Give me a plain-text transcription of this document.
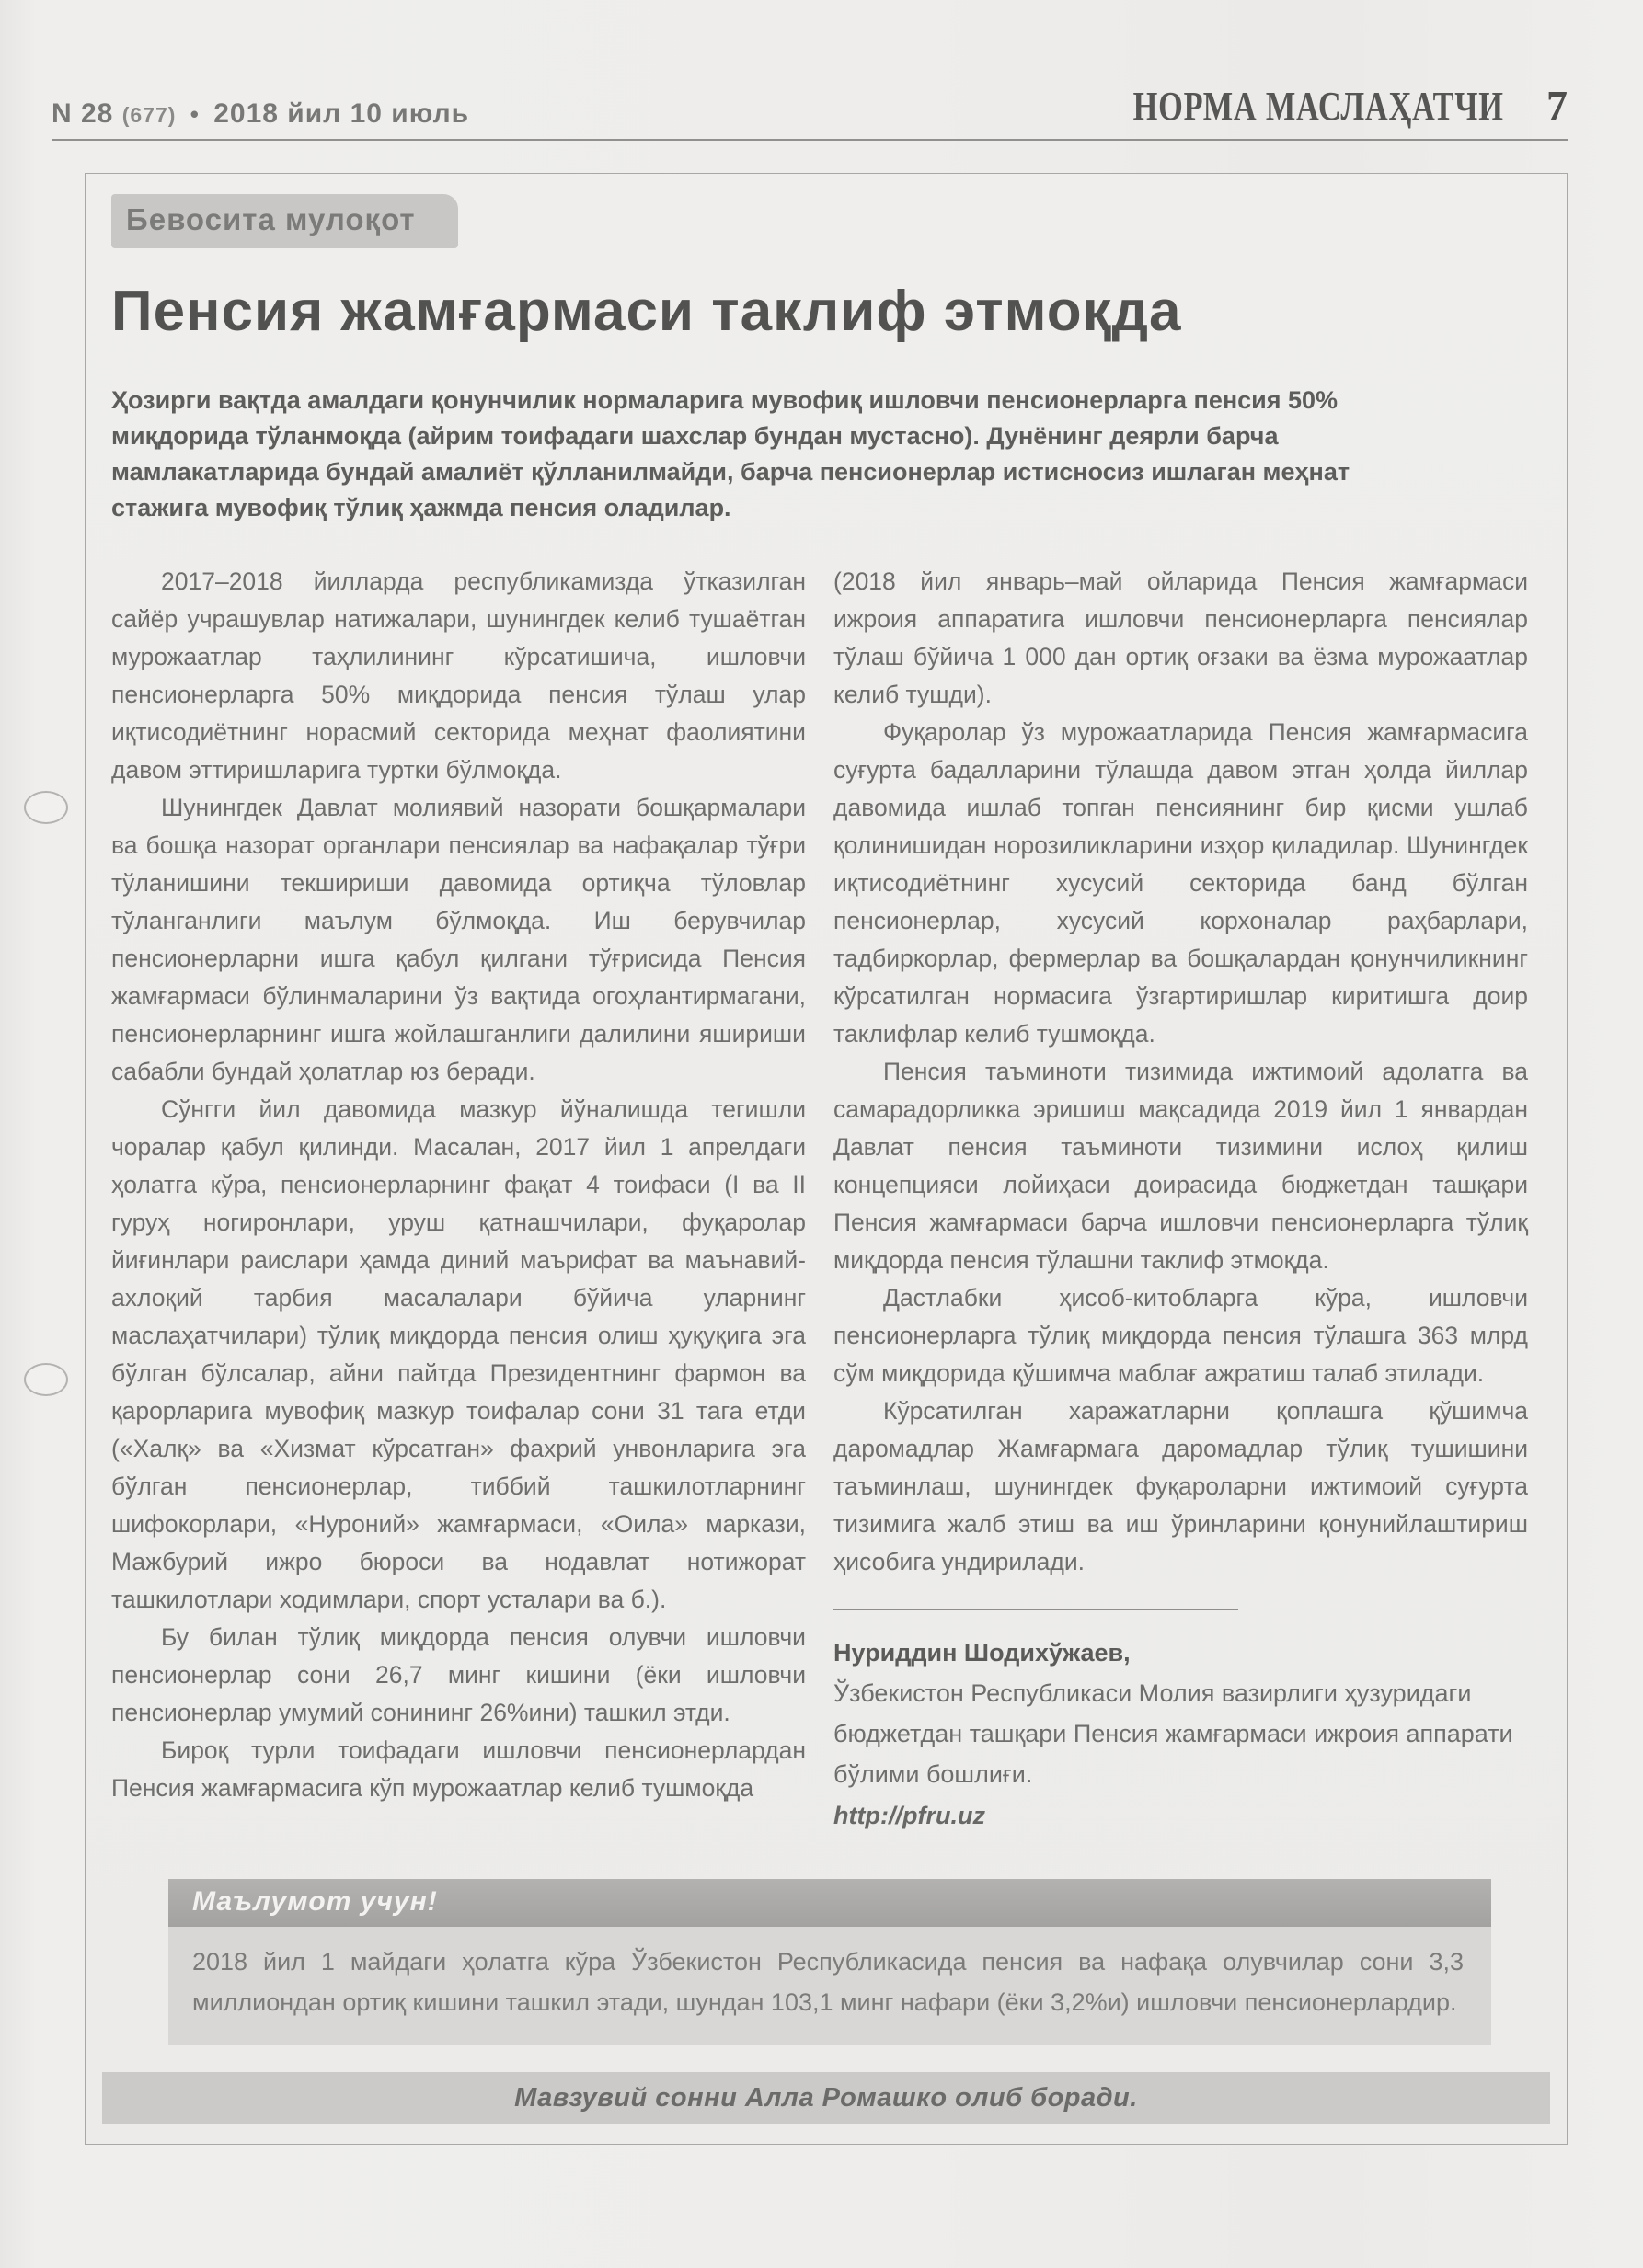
N 28 (677) • 2018 йил 10 июль	НОРМА МАСЛАҲАТЧИ 7
Бевосита мулоқот
Пенсия жамғармаси таклиф этмоқда

Ҳозирги вақтда амалдаги қонунчилик нормаларига мувофиқ ишловчи пенсионерларга пенсия 50% миқдорида тўланмоқда (айрим тоифадаги шахслар бундан мустасно). Дунёнинг деярли барча мамлакатларида бундай амалиёт қўлланилмайди, барча пенсионерлар истисносиз ишлаган меҳнат стажига мувофиқ тўлиқ ҳажмда пенсия оладилар.

2017–2018 йилларда республикамизда ўтказилган сайёр учрашувлар натижалари, шунингдек келиб тушаётган мурожаатлар таҳлилининг кўрсатишича, ишловчи пенсионерларга 50% миқдорида пенсия тўлаш улар иқтисодиётнинг норасмий секторида меҳнат фаолиятини давом эттиришларига туртки бўлмоқда.

Шунингдек Давлат молиявий назорати бошқармалари ва бошқа назорат органлари пенсиялар ва нафақалар тўғри тўланишини текшириши давомида ортиқча тўловлар тўланганлиги маълум бўлмоқда. Иш берувчилар пенсионерларни ишга қабул қилгани тўғрисида Пенсия жамғармаси бўлинмаларини ўз вақтида огоҳлантирмагани, пенсионерларнинг ишга жойлашганлиги далилини яшириши сабабли бундай ҳолатлар юз беради.

Сўнгги йил давомида мазкур йўналишда тегишли чоралар қабул қилинди. Масалан, 2017 йил 1 апрелдаги ҳолатга кўра, пенсионерларнинг фақат 4 тоифаси (I ва II гуруҳ ногиронлари, уруш қатнашчилари, фуқаролар йиғинлари раислари ҳамда диний маърифат ва маънавий-ахлоқий тарбия масалалари бўйича уларнинг маслаҳатчилари) тўлиқ миқдорда пенсия олиш ҳуқуқига эга бўлган бўлсалар, айни пайтда Президентнинг фармон ва қарорларига мувофиқ мазкур тоифалар сони 31 тага етди («Халқ» ва «Хизмат кўрсатган» фахрий унвонларига эга бўлган пенсионерлар, тиббий ташкилотларнинг шифокорлари, «Нуроний» жамғармаси, «Оила» маркази, Мажбурий ижро бюроси ва нодавлат нотижорат ташкилотлари ходимлари, спорт усталари ва б.).

Бу билан тўлиқ миқдорда пенсия олувчи ишловчи пенсионерлар сони 26,7 минг кишини (ёки ишловчи пенсионерлар умумий сонининг 26%ини) ташкил этди.

Бироқ турли тоифадаги ишловчи пенсионерлардан Пенсия жамғармасига кўп мурожаатлар келиб тушмоқда

(2018 йил январь–май ойларида Пенсия жамғармаси ижроия аппаратига ишловчи пенсионерларга пенсиялар тўлаш бўйича 1 000 дан ортиқ оғзаки ва ёзма мурожаатлар келиб тушди).

Фуқаролар ўз мурожаатларида Пенсия жамғармасига суғурта бадалларини тўлашда давом этган ҳолда йиллар давомида ишлаб топган пенсиянинг бир қисми ушлаб қолинишидан норозиликларини изҳор қиладилар. Шунингдек иқтисодиётнинг хусусий секторида банд бўлган пенсионерлар, хусусий корхоналар раҳбарлари, тадбиркорлар, фермерлар ва бошқалардан қонунчиликнинг кўрсатилган нормасига ўзгартиришлар киритишга доир таклифлар келиб тушмоқда.

Пенсия таъминоти тизимида ижтимоий адолатга ва самарадорликка эришиш мақсадида 2019 йил 1 январдан Давлат пенсия таъминоти тизимини ислоҳ қилиш концепцияси лойиҳаси доирасида бюджетдан ташқари Пенсия жамғармаси барча ишловчи пенсионерларга тўлиқ миқдорда пенсия тўлашни таклиф этмоқда.

Дастлабки ҳисоб-китобларга кўра, ишловчи пенсионерларга тўлиқ миқдорда пенсия тўлашга 363 млрд сўм миқдорида қўшимча маблағ ажратиш талаб этилади.

Кўрсатилган харажатларни қоплашга қўшимча даромадлар Жамғармага даромадлар тўлиқ тушишини таъминлаш, шунингдек фуқароларни ижтимоий суғурта тизимига жалб этиш ва иш ўринларини қонунийлаштириш ҳисобига ундирилади.

Нуриддин Шодихўжаев,
Ўзбекистон Республикаси Молия вазирлиги ҳузуридаги бюджетдан ташқари Пенсия жамғармаси ижроия аппарати бўлими бошлиғи.
http://pfru.uz
Маълумот учун!
2018 йил 1 майдаги ҳолатга кўра Ўзбекистон Республикасида пенсия ва нафақа олувчилар сони 3,3 миллиондан ортиқ кишини ташкил этади, шундан 103,1 минг нафари (ёки 3,2%и) ишловчи пенсионерлардир.
Мавзувий сонни Алла Ромашко олиб боради.
